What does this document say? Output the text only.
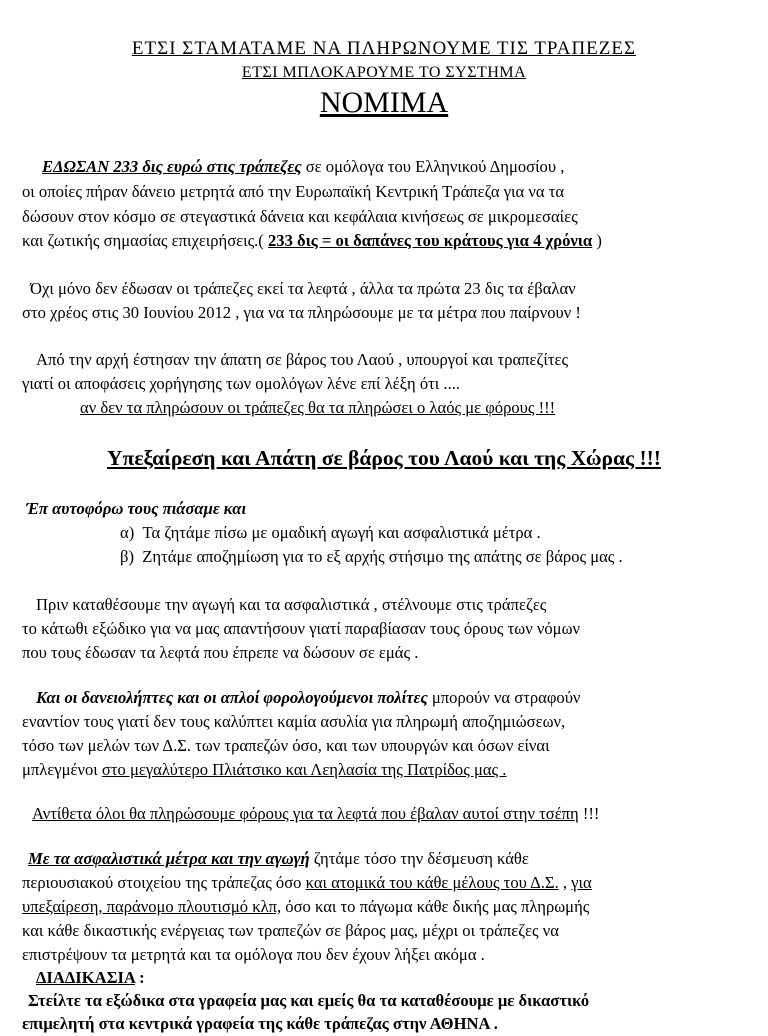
ΕΤΣΙ ΣΤΑΜΑΤΑΜΕ ΝΑ ΠΛΗΡΩΝΟΥΜΕ ΤΙΣ ΤΡΑΠΕΖΕΣ
ΕΤΣΙ ΜΠΛΟΚΑΡΟΥΜΕ ΤΟ ΣΥΣΤΗΜΑ
ΝΟΜΙΜΑ
ΕΔΩΣΑΝ 233 δις ευρώ στις τράπεζες σε ομόλογα του Ελληνικού Δημοσίου ,
οι οποίες πήραν δάνειο μετρητά από την Ευρωπαϊκή Κεντρική Τράπεζα για να τα
δώσουν στον κόσμο σε στεγαστικά δάνεια και κεφάλαια κινήσεως σε μικρομεσαίες
και ζωτικής σημασίας επιχειρήσεις.( 233 δις = οι δαπάνες του κράτους για 4 χρόνια )
Όχι μόνο δεν έδωσαν οι τράπεζες εκεί τα λεφτά , άλλα τα πρώτα 23 δις τα έβαλαν
στο χρέος στις 30 Ιουνίου 2012 , για να τα πληρώσουμε με τα μέτρα που παίρνουν !
Από την αρχή έστησαν την άπατη σε βάρος του Λαού , υπουργοί και τραπεζίτες
γιατί οι αποφάσεις χορήγησης των ομολόγων λένε επί λέξη ότι ....
αν δεν τα πληρώσουν οι τράπεζες θα τα πληρώσει ο λαός με φόρους !!!
Υπεξαίρεση και Απάτη σε βάρος του Λαού και της Χώρας !!!
Έπ αυτοφόρω τους πιάσαμε και
α) Τα ζητάμε πίσω με ομαδική αγωγή και ασφαλιστικά μέτρα .
β) Ζητάμε αποζημίωση για το εξ αρχής στήσιμο της απάτης σε βάρος μας .
Πριν καταθέσουμε την αγωγή και τα ασφαλιστικά , στέλνουμε στις τράπεζες
το κάτωθι εξώδικο για να μας απαντήσουν γιατί παραβίασαν τους όρους των νόμων
που τους έδωσαν τα λεφτά που έπρεπε να δώσουν σε εμάς .
Και οι δανειολήπτες και οι απλοί φορολογούμενοι πολίτες μπορούν να στραφούν
εναντίον τους γιατί δεν τους καλύπτει καμία ασυλία για πληρωμή αποζημιώσεων,
τόσο των μελών των Δ.Σ. των τραπεζών όσο, και των υπουργών και όσων είναι
μπλεγμένοι στο μεγαλύτερο Πλιάτσικο και Λεηλασία της Πατρίδος μας .
Αντίθετα όλοι θα πληρώσουμε φόρους για τα λεφτά που έβαλαν αυτοί στην τσέπη !!!
Με τα ασφαλιστικά μέτρα και την αγωγή ζητάμε τόσο την δέσμευση κάθε
περιουσιακού στοιχείου της τράπεζας όσο και ατομικά του κάθε μέλους του Δ.Σ. , για
υπεξαίρεση, παράνομο πλουτισμό κλπ, όσο και το πάγωμα κάθε δικής μας πληρωμής
και κάθε δικαστικής ενέργειας των τραπεζών σε βάρος μας, μέχρι οι τράπεζες να
επιστρέψουν τα μετρητά και τα ομόλογα που δεν έχουν λήξει ακόμα .
ΔΙΑΔΙΚΑΣΙΑ :
Στείλτε τα εξώδικα στα γραφεία μας και εμείς θα τα καταθέσουμε με δικαστικό
επιμελητή στα κεντρικά γραφεία της κάθε τράπεζας στην ΑΘΗΝΑ .
